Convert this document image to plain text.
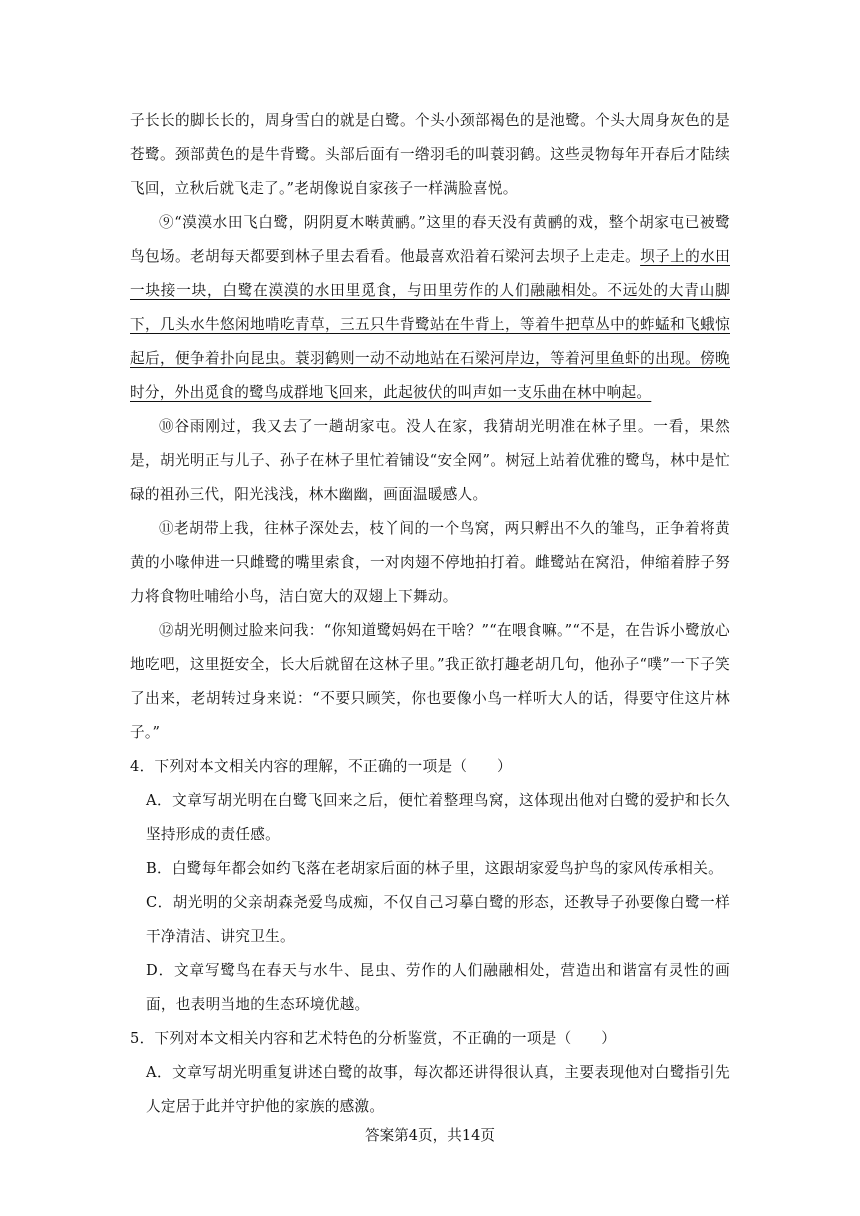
子长长的脚长长的，周身雪白的就是白鹭。个头小颈部褐色的是池鹭。个头大周身灰色的是苍鹭。颈部黄色的是牛背鹭。头部后面有一绺羽毛的叫蓑羽鹤。这些灵物每年开春后才陆续飞回，立秋后就飞走了。”老胡像说自家孩子一样满脸喜悦。

⑨“漠漠水田飞白鹭，阴阴夏木啭黄鹂。”这里的春天没有黄鹂的戏，整个胡家屯已被鹭鸟包场。老胡每天都要到林子里去看看。他最喜欢沿着石梁河去坝子上走走。坝子上的水田一块接一块，白鹭在漠漠的水田里觅食，与田里劳作的人们融融相处。不远处的大青山脚下，几头水牛悠闲地啃吃青草，三五只牛背鹭站在牛背上，等着牛把草丛中的蚱蜢和飞蛾惊起后，便争着扑向昆虫。蓑羽鹤则一动不动地站在石梁河岸边，等着河里鱼虾的出现。傍晚时分，外出觅食的鹭鸟成群地飞回来，此起彼伏的叫声如一支乐曲在林中响起。

⑩谷雨刚过，我又去了一趟胡家屯。没人在家，我猜胡光明准在林子里。一看，果然是，胡光明正与儿子、孙子在林子里忙着铺设“安全网”。树冠上站着优雅的鹭鸟，林中是忙碌的祖孙三代，阳光浅浅，林木幽幽，画面温暖感人。

⑪老胡带上我，往林子深处去，枝丫间的一个鸟窝，两只孵出不久的雏鸟，正争着将黄黄的小喙伸进一只雌鹭的嘴里索食，一对肉翅不停地拍打着。雌鹭站在窝沿，伸缩着脖子努力将食物吐哺给小鸟，洁白宽大的双翅上下舞动。

⑫胡光明侧过脸来问我：“你知道鹭妈妈在干啥？”“在喂食嘛。”“不是，在告诉小鹭放心地吃吧，这里挺安全，长大后就留在这林子里。”我正欲打趣老胡几句，他孙子“噗”一下子笑了出来，老胡转过身来说：“不要只顾笑，你也要像小鸟一样听大人的话，得要守住这片林子。”

4．下列对本文相关内容的理解，不正确的一项是（　　）

A．文章写胡光明在白鹭飞回来之后，便忙着整理鸟窝，这体现出他对白鹭的爱护和长久坚持形成的责任感。

B．白鹭每年都会如约飞落在老胡家后面的林子里，这跟胡家爱鸟护鸟的家风传承相关。

C．胡光明的父亲胡森尧爱鸟成痴，不仅自己习摹白鹭的形态，还教导子孙要像白鹭一样干净清洁、讲究卫生。

D．文章写鹭鸟在春天与水牛、昆虫、劳作的人们融融相处，营造出和谐富有灵性的画面，也表明当地的生态环境优越。

5．下列对本文相关内容和艺术特色的分析鉴赏，不正确的一项是（　　）

A．文章写胡光明重复讲述白鹭的故事，每次都还讲得很认真，主要表现他对白鹭指引先人定居于此并守护他的家族的感激。

答案第4页，共14页
